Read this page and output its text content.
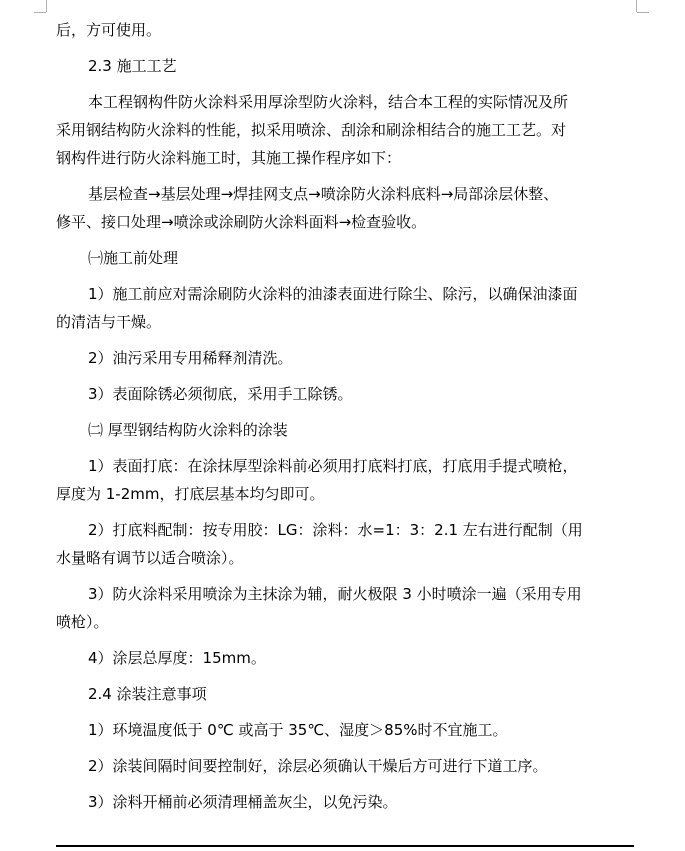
后，方可使用。
2.3 施工工艺
本工程钢构件防火涂料采用厚涂型防火涂料，结合本工程的实际情况及所
采用钢结构防火涂料的性能，拟采用喷涂、刮涂和刷涂相结合的施工工艺。对
钢构件进行防火涂料施工时，其施工操作程序如下：
基层检查→基层处理→焊挂网支点→喷涂防火涂料底料→局部涂层休整、
修平、接口处理→喷涂或涂刷防火涂料面料→检查验收。
㈠施工前处理
1）施工前应对需涂刷防火涂料的油漆表面进行除尘、除污，以确保油漆面
的清洁与干燥。
2）油污采用专用稀释剂清洗。
3）表面除锈必须彻底，采用手工除锈。
㈡ 厚型钢结构防火涂料的涂装
1）表面打底：在涂抹厚型涂料前必须用打底料打底，打底用手提式喷枪，
厚度为 1-2mm，打底层基本均匀即可。
2）打底料配制：按专用胶：LG：涂料：水=1：3：2.1 左右进行配制（用
水量略有调节以适合喷涂）。
3）防火涂料采用喷涂为主抹涂为辅，耐火极限 3 小时喷涂一遍（采用专用
喷枪）。
4）涂层总厚度：15mm。
2.4 涂装注意事项
1）环境温度低于 0℃ 或高于 35℃、湿度＞85%时不宜施工。
2）涂装间隔时间要控制好，涂层必须确认干燥后方可进行下道工序。
3）涂料开桶前必须清理桶盖灰尘，以免污染。
